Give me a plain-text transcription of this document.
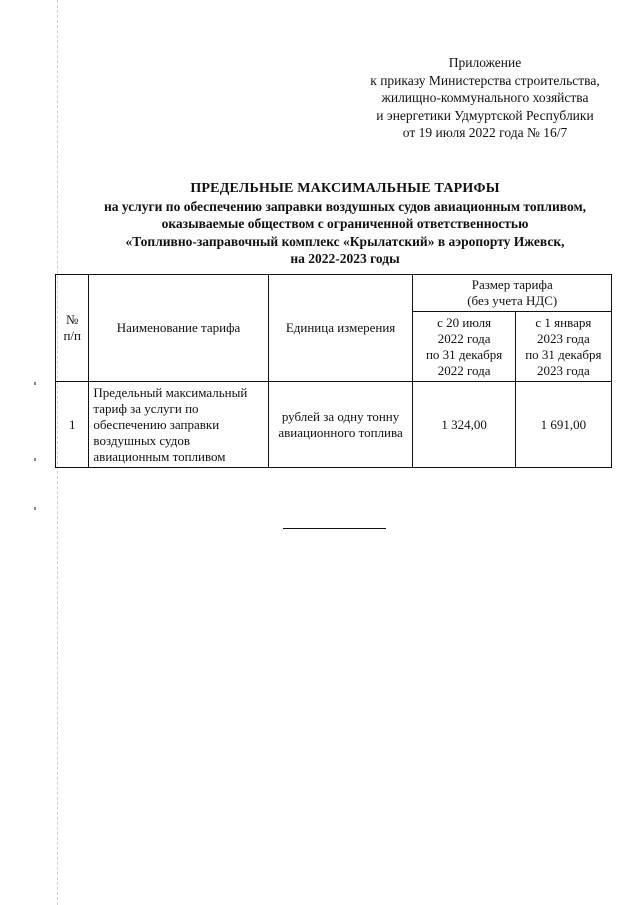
Приложение
к приказу Министерства строительства,
жилищно-коммунального хозяйства
и энергетики Удмуртской Республики
от 19 июля 2022 года № 16/7
ПРЕДЕЛЬНЫЕ МАКСИМАЛЬНЫЕ ТАРИФЫ
на услуги по обеспечению заправки воздушных судов авиационным топливом,
оказываемые обществом с ограниченной ответственностью
«Топливно-заправочный комплекс «Крылатский» в аэропорту Ижевск,
на 2022-2023 годы
№
п/п	Наименование тарифа	Единица измерения	Размер тарифа
(без учета НДС)	
			с 20 июля
2022 года
по 31 декабря
2022 года	с 1 января
2023 года
по 31 декабря
2023 года
1	Предельный максимальный
тариф за услуги по
обеспечению заправки
воздушных судов
авиационным топливом	рублей за одну тонну
авиационного топлива	1 324,00	1 691,00
